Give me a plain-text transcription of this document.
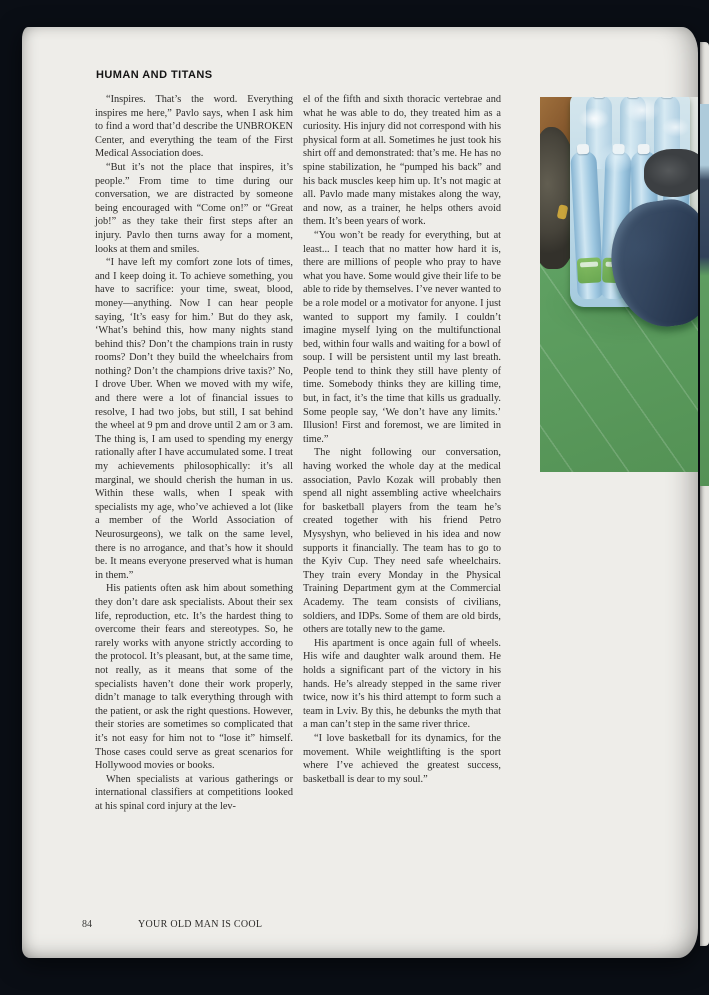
HUMAN AND TITANS

“Inspires. That’s the word. Everything inspires me here,” Pavlo says, when I ask him to find a word that’d describe the UNBROKEN Center, and everything the team of the First Medical Association does.

“But it’s not the place that inspires, it’s people.” From time to time during our conversation, we are distracted by someone being encouraged with “Come on!” or “Great job!” as they take their first steps after an injury. Pavlo then turns away for a moment, looks at them and smiles.

“I have left my comfort zone lots of times, and I keep doing it. To achieve something, you have to sacrifice: your time, sweat, blood, money—anything. Now I can hear people saying, ‘It’s easy for him.’ But do they ask, ‘What’s behind this, how many nights stand behind this? Don’t the champions train in rusty rooms? Don’t they build the wheelchairs from nothing? Don’t the champions drive taxis?’ No, I drove Uber. When we moved with my wife, and there were a lot of financial issues to resolve, I had two jobs, but still, I sat behind the wheel at 9 pm and drove until 2 am or 3 am. The thing is, I am used to spending my energy rationally after I have accumulated some. I treat my achievements philosophically: it’s all marginal, we should cherish the human in us. Within these walls, when I speak with specialists my age, who’ve achieved a lot (like a member of the World Association of Neurosurgeons), we talk on the same level, there is no arrogance, and that’s how it should be. It means everyone preserved what is human in them.”

His patients often ask him about something they don’t dare ask specialists. About their sex life, reproduction, etc. It’s the hardest thing to overcome their fears and stereotypes. So, he rarely works with anyone strictly according to the protocol. It’s pleasant, but, at the same time, not really, as it means that some of the specialists haven’t done their work properly, didn’t manage to talk everything through with the patient, or ask the right questions. However, their stories are sometimes so complicated that it’s not easy for him not to “lose it” himself. Those cases could serve as great scenarios for Hollywood movies or books.

When specialists at various gatherings or international classifiers at competitions looked at his spinal cord injury at the lev-

el of the fifth and sixth thoracic vertebrae and what he was able to do, they treated him as a curiosity. His injury did not correspond with his physical form at all. Sometimes he just took his shirt off and demonstrated: that’s me. He has no spine stabilization, he “pumped his back” and his back muscles keep him up. It’s not magic at all. Pavlo made many mistakes along the way, and now, as a trainer, he helps others avoid them. It’s been years of work.

“You won’t be ready for everything, but at least... I teach that no matter how hard it is, there are millions of people who pray to have what you have. Some would give their life to be able to ride by themselves. I’ve never wanted to be a role model or a motivator for anyone. I just wanted to support my family. I couldn’t imagine myself lying on the multifunctional bed, within four walls and waiting for a bowl of soup. I will be persistent until my last breath. People tend to think they still have plenty of time. Somebody thinks they are killing time, but, in fact, it’s the time that kills us gradually. Some people say, ‘We don’t have any limits.’ Illusion! First and foremost, we are limited in time.”

The night following our conversation, having worked the whole day at the medical association, Pavlo Kozak will probably then spend all night assembling active wheelchairs for basketball players from the team he’s created together with his friend Petro Mysyshyn, who believed in his idea and now supports it financially. The team has to go to the Kyiv Cup. They need safe wheelchairs. They train every Monday in the Physical Training Department gym at the Commercial Academy. The team consists of civilians, soldiers, and IDPs. Some of them are old birds, others are totally new to the game.

His apartment is once again full of wheels. His wife and daughter walk around them. He holds a significant part of the victory in his hands. He’s already stepped in the same river twice, now it’s his third attempt to form such a team in Lviv. By this, he debunks the myth that a man can’t step in the same river thrice.

“I love basketball for its dynamics, for the movement. While weightlifting is the sport where I’ve achieved the greatest success, basketball is dear to my soul.”

84	YOUR OLD MAN IS COOL
